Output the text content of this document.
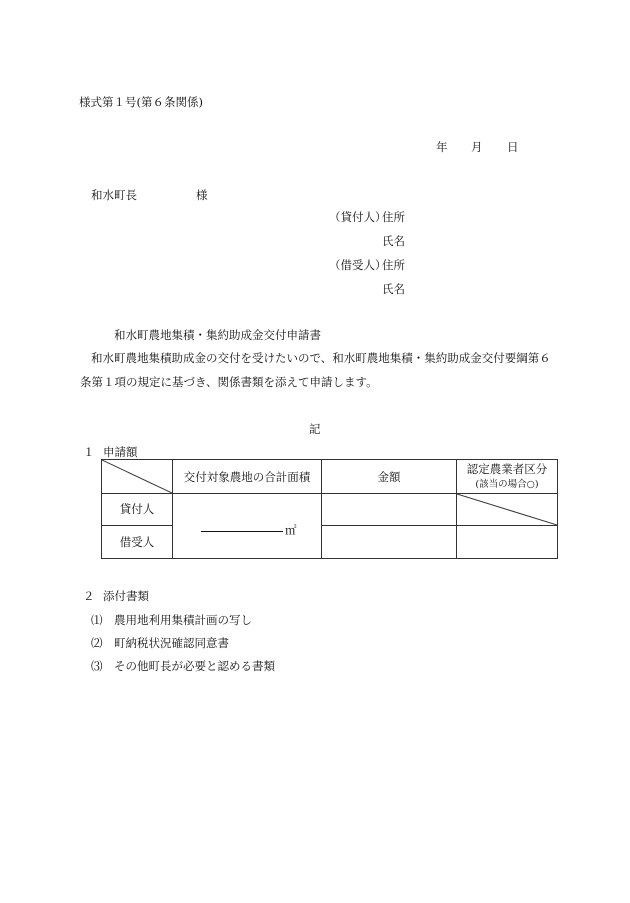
様式第１号(第６条関係)
年 月 日
和水町長	様
（貸付人）
住所
氏名
（借受人）
住所
氏名
和水町農地集積・集約助成金交付申請書
和水町農地集積助成金の交付を受けたいので、和水町農地集積・集約助成金交付要綱第６
条第１項の規定に基づき、関係書類を添えて申請します。
記
１ 申請額
	交付対象農地の合計面積	金額	認定農業者区分
(該当の場合○)

貸付人	㎡

借受人			
２ 添付書類
⑴ 農用地利用集積計画の写し
⑵ 町納税状況確認同意書
⑶ その他町長が必要と認める書類
